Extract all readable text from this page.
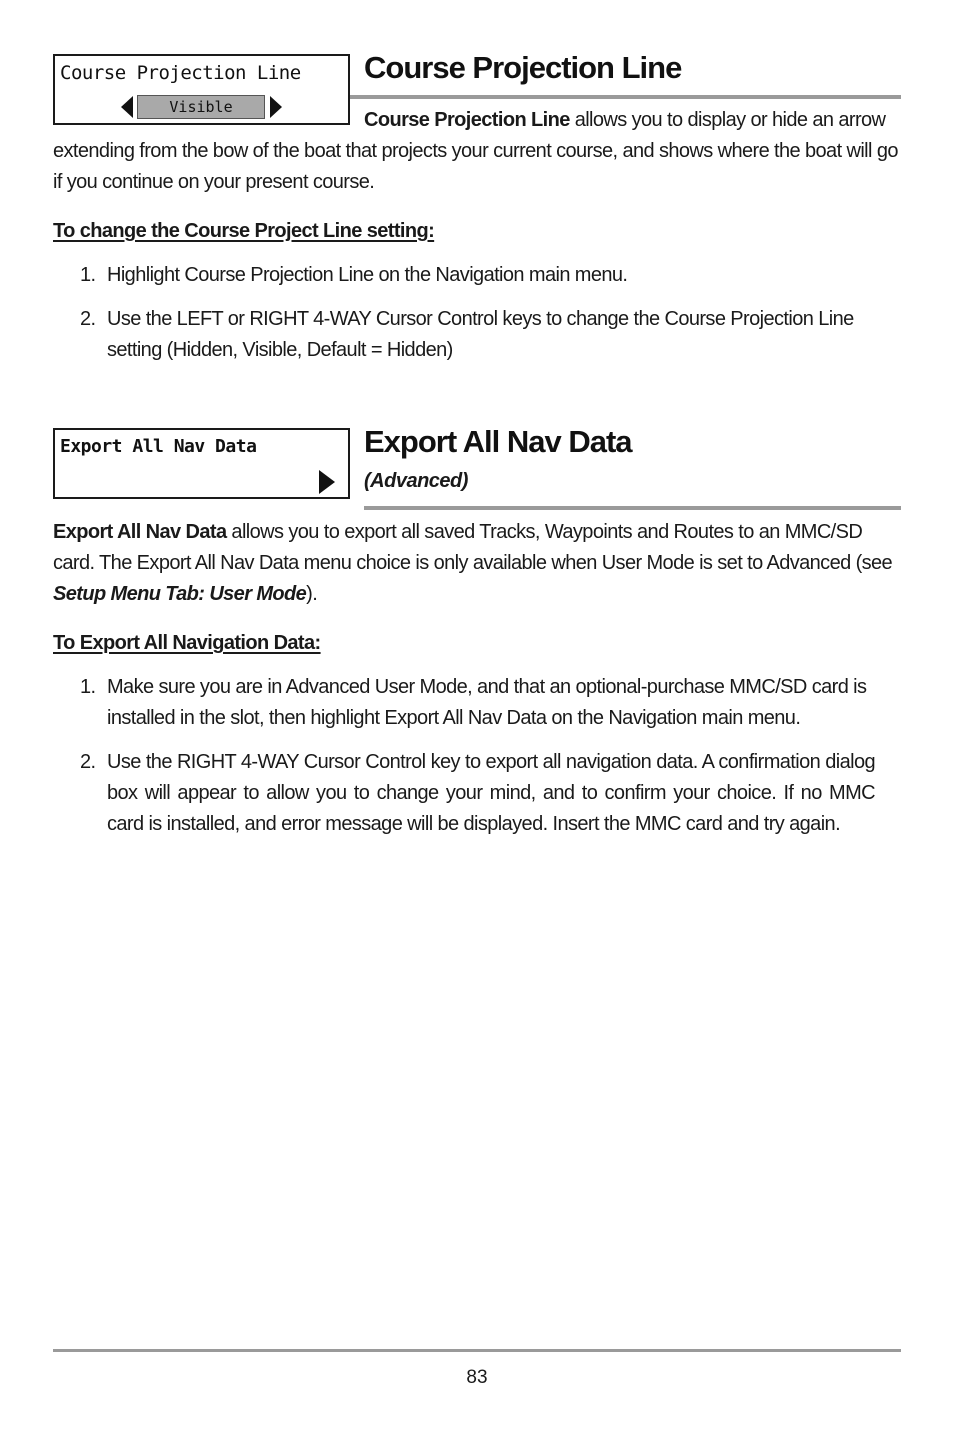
Course Projection Line
Visible
Course Projection Line
Course Projection Line allows you to display or hide an arrow
extending from the bow of the boat that projects your current course, and shows where the boat will go if you continue on your present course.
To change the Course Project Line setting:
1. Highlight Course Projection Line on the Navigation main menu.
2. Use the LEFT or RIGHT 4-WAY Cursor Control keys to change the Course Projection Line setting (Hidden, Visible, Default = Hidden)
Export All Nav Data	Export All Nav Data
(Advanced)
Export All Nav Data allows you to export all saved Tracks, Waypoints and Routes to an MMC/SD card. The Export All Nav Data menu choice is only available when User Mode is set to Advanced (see Setup Menu Tab: User Mode).
To Export All Navigation Data:
1. Make sure you are in Advanced User Mode, and that an optional-purchase MMC/SD card is installed in the slot, then highlight Export All Nav Data on the Navigation main menu.
2. Use the RIGHT 4-WAY Cursor Control key to export all navigation data. A confirmation dialog box will appear to allow you to change your mind, and to confirm your choice. If no MMC card is installed, and error message will be displayed. Insert the MMC card and try again.
83
